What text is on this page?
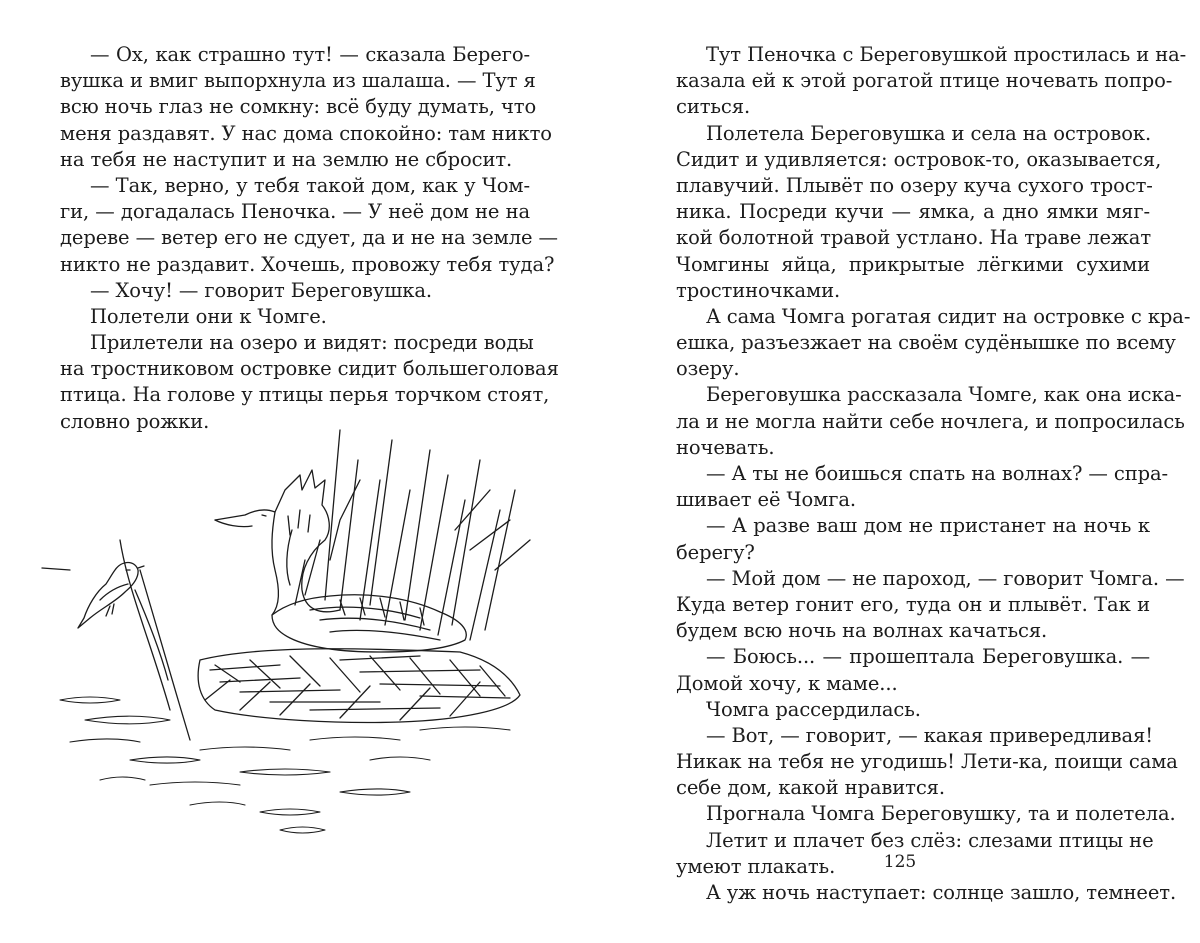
— Ох, как страшно тут! — сказала Берего-
вушка и вмиг выпорхнула из шалаша. — Тут я
всю ночь глаз не сомкну: всё буду думать, что
меня раздавят. У нас дома спокойно: там никто
на тебя не наступит и на землю не сбросит.
— Так, верно, у тебя такой дом, как у Чом-
ги, — догадалась Пеночка. — У неё дом не на
дереве — ветер его не сдует, да и не на земле —
никто не раздавит. Хочешь, провожу тебя туда?
— Хочу! — говорит Береговушка.
Полетели они к Чомге.
Прилетели на озеро и видят: посреди воды
на тростниковом островке сидит большеголовая
птица. На голове у птицы перья торчком стоят,
словно рожки.
Тут Пеночка с Береговушкой простилась и на-
казала ей к этой рогатой птице ночевать попро-
ситься.
Полетела Береговушка и села на островок.
Сидит и удивляется: островок-то, оказывается,
плавучий. Плывёт по озеру куча сухого трост-
ника. Посреди кучи — ямка, а дно ямки мяг-
кой болотной травой устлано. На траве лежат
Чомгины яйца, прикрытые лёгкими сухими
тростиночками.
А сама Чомга рогатая сидит на островке с кра-
ешка, разъезжает на своём судёнышке по всему
озеру.
Береговушка рассказала Чомге, как она иска-
ла и не могла найти себе ночлега, и попросилась
ночевать.
— А ты не боишься спать на волнах? — спра-
шивает её Чомга.
— А разве ваш дом не пристанет на ночь к
берегу?
— Мой дом — не пароход, — говорит Чомга. —
Куда ветер гонит его, туда он и плывёт. Так и
будем всю ночь на волнах качаться.
— Боюсь... — прошептала Береговушка. —
Домой хочу, к маме...
Чомга рассердилась.
— Вот, — говорит, — какая привередливая!
Никак на тебя не угодишь! Лети-ка, поищи сама
себе дом, какой нравится.
Прогнала Чомга Береговушку, та и полетела.
Летит и плачет без слёз: слезами птицы не
умеют плакать.
А уж ночь наступает: солнце зашло, темнеет.
125
